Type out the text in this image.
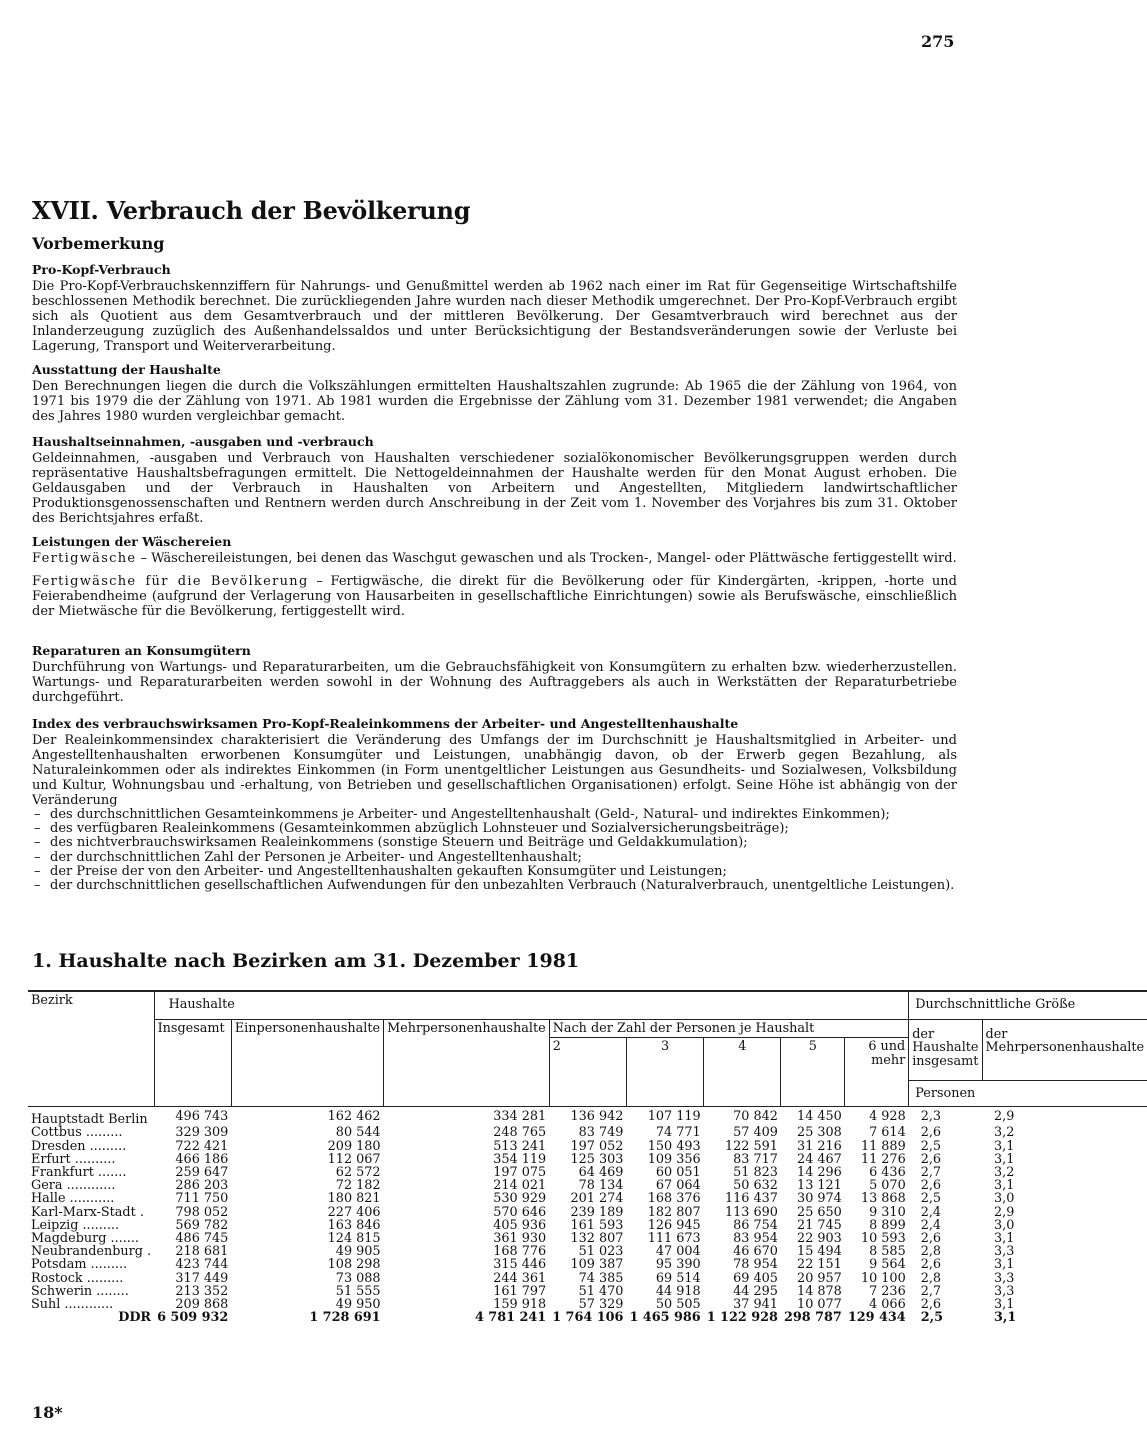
275
XVII. Verbrauch der Bevölkerung
Vorbemerkung
Pro-Kopf-Verbrauch

Die Pro-Kopf-Verbrauchskennziffern für Nahrungs- und Genußmittel werden ab 1962 nach einer im Rat für Gegenseitige Wirtschaftshilfe beschlossenen Methodik berechnet. Die zurückliegenden Jahre wurden nach dieser Methodik umgerechnet. Der Pro-Kopf-Verbrauch ergibt sich als Quotient aus dem Gesamtverbrauch und der mittleren Bevölkerung. Der Gesamtverbrauch wird berechnet aus der Inlanderzeugung zuzüglich des Außenhandelssaldos und unter Berücksichtigung der Bestandsveränderungen sowie der Verluste bei Lagerung, Transport und Weiterverarbeitung.

Ausstattung der Haushalte

Den Berechnungen liegen die durch die Volkszählungen ermittelten Haushaltszahlen zugrunde: Ab 1965 die der Zählung von 1964, von 1971 bis 1979 die der Zählung von 1971. Ab 1981 wurden die Ergebnisse der Zählung vom 31. Dezember 1981 verwendet; die Angaben des Jahres 1980 wurden vergleichbar gemacht.

Haushaltseinnahmen, -ausgaben und -verbrauch

Geldeinnahmen, -ausgaben und Verbrauch von Haushalten verschiedener sozialökonomischer Bevölkerungsgruppen werden durch repräsentative Haushaltsbefragungen ermittelt. Die Nettogeldeinnahmen der Haushalte werden für den Monat August erhoben. Die Geldausgaben und der Verbrauch in Haushalten von Arbeitern und Angestellten, Mitgliedern landwirtschaftlicher Produktionsgenossenschaften und Rentnern werden durch Anschreibung in der Zeit vom 1. November des Vorjahres bis zum 31. Oktober des Berichtsjahres erfaßt.

Leistungen der Wäschereien

Fertigwäsche – Wäschereileistungen, bei denen das Waschgut gewaschen und als Trocken-, Mangel- oder Plättwäsche fertiggestellt wird.

Fertigwäsche für die Bevölkerung – Fertigwäsche, die direkt für die Bevölkerung oder für Kindergärten, -krippen, -horte und Feierabendheime (aufgrund der Verlagerung von Hausarbeiten in gesellschaftliche Einrichtungen) sowie als Berufswäsche, einschließlich der Mietwäsche für die Bevölkerung, fertiggestellt wird.

Reparaturen an Konsumgütern

Durchführung von Wartungs- und Reparaturarbeiten, um die Gebrauchsfähigkeit von Konsumgütern zu erhalten bzw. wiederherzustellen. Wartungs- und Reparaturarbeiten werden sowohl in der Wohnung des Auftraggebers als auch in Werkstätten der Reparaturbetriebe durchgeführt.

Index des verbrauchswirksamen Pro-Kopf-Realeinkommens der Arbeiter- und Angestelltenhaushalte

Der Realeinkommensindex charakterisiert die Veränderung des Umfangs der im Durchschnitt je Haushaltsmitglied in Arbeiter- und Angestelltenhaushalten erworbenen Konsumgüter und Leistungen, unabhängig davon, ob der Erwerb gegen Bezahlung, als Naturaleinkommen oder als indirektes Einkommen (in Form unentgeltlicher Leistungen aus Gesundheits- und Sozialwesen, Volksbildung und Kultur, Wohnungsbau und -erhaltung, von Betrieben und gesellschaftlichen Organisationen) erfolgt. Seine Höhe ist abhängig von der Veränderung

– des durchschnittlichen Gesamteinkommens je Arbeiter- und Angestelltenhaushalt (Geld-, Natural- und indirektes Einkommen);
– des verfügbaren Realeinkommens (Gesamteinkommen abzüglich Lohnsteuer und Sozialversicherungsbeiträge);
– des nichtverbrauchswirksamen Realeinkommens (sonstige Steuern und Beiträge und Geldakkumulation);
– der durchschnittlichen Zahl der Personen je Arbeiter- und Angestelltenhaushalt;
– der Preise der von den Arbeiter- und Angestelltenhaushalten gekauften Konsumgüter und Leistungen;
– der durchschnittlichen gesellschaftlichen Aufwendungen für den unbezahlten Verbrauch (Naturalverbrauch, unentgeltliche Leistungen).
1. Haushalte nach Bezirken am 31. Dezember 1981
Bezirk	Haushalte								Durchschnittliche Größe	
	Insgesamt	Einpersonenhaushalte	Mehrpersonenhaushalte	Nach der Zahl der Personen je Haushalt					der Haushalte insgesamt	der Mehrpersonenhaushalte
				2	3	4	5	6 und mehr		
									Personen	
Hauptstadt Berlin	496 743	162 462	334 281	136 942	107 119	70 842	14 450	4 928	2,3	2,9
Cottbus .........	329 309	80 544	248 765	83 749	74 771	57 409	25 308	7 614	2,6	3,2
Dresden .........	722 421	209 180	513 241	197 052	150 493	122 591	31 216	11 889	2,5	3,1
Erfurt ..........	466 186	112 067	354 119	125 303	109 356	83 717	24 467	11 276	2,6	3,1
Frankfurt .......	259 647	62 572	197 075	64 469	60 051	51 823	14 296	6 436	2,7	3,2
Gera ............	286 203	72 182	214 021	78 134	67 064	50 632	13 121	5 070	2,6	3,1
Halle ...........	711 750	180 821	530 929	201 274	168 376	116 437	30 974	13 868	2,5	3,0
Karl-Marx-Stadt .	798 052	227 406	570 646	239 189	182 807	113 690	25 650	9 310	2,4	2,9
Leipzig .........	569 782	163 846	405 936	161 593	126 945	86 754	21 745	8 899	2,4	3,0
Magdeburg .......	486 745	124 815	361 930	132 807	111 673	83 954	22 903	10 593	2,6	3,1
Neubrandenburg .	218 681	49 905	168 776	51 023	47 004	46 670	15 494	8 585	2,8	3,3
Potsdam .........	423 744	108 298	315 446	109 387	95 390	78 954	22 151	9 564	2,6	3,1
Rostock .........	317 449	73 088	244 361	74 385	69 514	69 405	20 957	10 100	2,8	3,3
Schwerin ........	213 352	51 555	161 797	51 470	44 918	44 295	14 878	7 236	2,7	3,3
Suhl ............	209 868	49 950	159 918	57 329	50 505	37 941	10 077	4 066	2,6	3,1
DDR	6 509 932	1 728 691	4 781 241	1 764 106	1 465 986	1 122 928	298 787	129 434	2,5	3,1
18*
